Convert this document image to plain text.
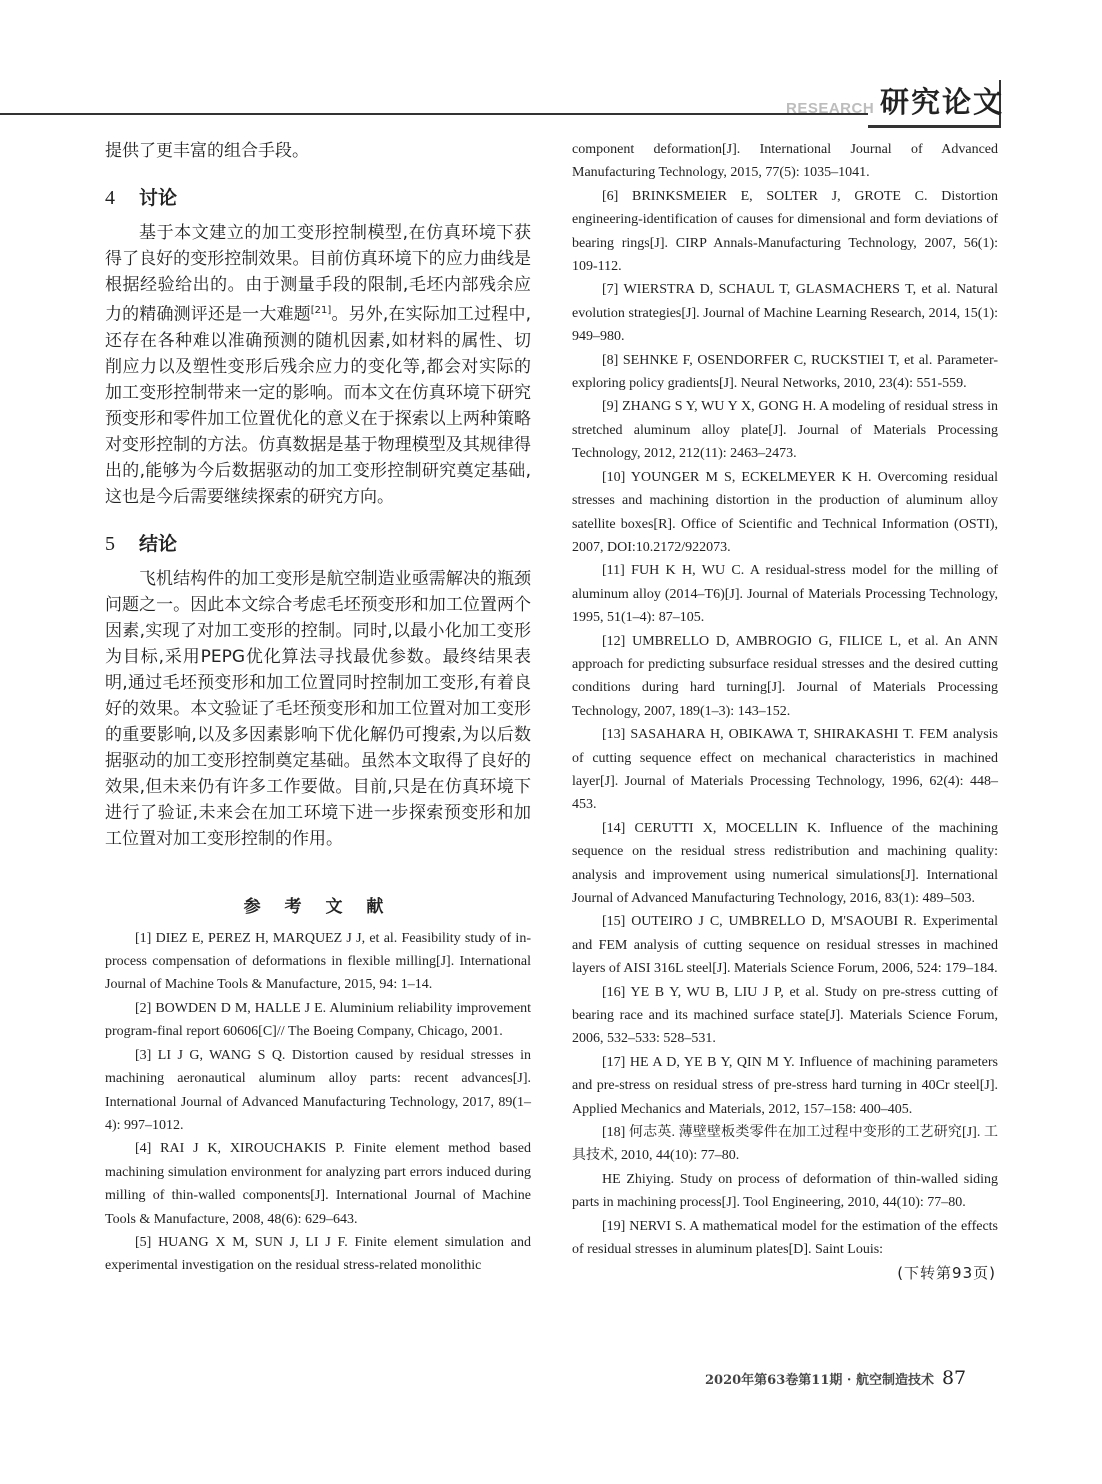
RESEARCH 研究论文

提供了更丰富的组合手段。

4 讨论

基于本文建立的加工变形控制模型,在仿真环境下获得了良好的变形控制效果。目前仿真环境下的应力曲线是根据经验给出的。由于测量手段的限制,毛坯内部残余应力的精确测评还是一大难题[21]。另外,在实际加工过程中,还存在各种难以准确预测的随机因素,如材料的属性、切削应力以及塑性变形后残余应力的变化等,都会对实际的加工变形控制带来一定的影响。而本文在仿真环境下研究预变形和零件加工位置优化的意义在于探索以上两种策略对变形控制的方法。仿真数据是基于物理模型及其规律得出的,能够为今后数据驱动的加工变形控制研究奠定基础,这也是今后需要继续探索的研究方向。

5 结论

飞机结构件的加工变形是航空制造业亟需解决的瓶颈问题之一。因此本文综合考虑毛坯预变形和加工位置两个因素,实现了对加工变形的控制。同时,以最小化加工变形为目标,采用PEPG优化算法寻找最优参数。最终结果表明,通过毛坯预变形和加工位置同时控制加工变形,有着良好的效果。本文验证了毛坯预变形和加工位置对加工变形的重要影响,以及多因素影响下优化解仍可搜索,为以后数据驱动的加工变形控制奠定基础。虽然本文取得了良好的效果,但未来仍有许多工作要做。目前,只是在仿真环境下进行了验证,未来会在加工环境下进一步探索预变形和加工位置对加工变形控制的作用。

参 考 文 献

[1] DIEZ E, PEREZ H, MARQUEZ J J, et al. Feasibility study of in-process compensation of deformations in flexible milling[J]. International Journal of Machine Tools & Manufacture, 2015, 94: 1–14.

[2] BOWDEN D M, HALLE J E. Aluminium reliability improvement program-final report 60606[C]// The Boeing Company, Chicago, 2001.

[3] LI J G, WANG S Q. Distortion caused by residual stresses in machining aeronautical aluminum alloy parts: recent advances[J]. International Journal of Advanced Manufacturing Technology, 2017, 89(1–4): 997–1012.

[4] RAI J K, XIROUCHAKIS P. Finite element method based machining simulation environment for analyzing part errors induced during milling of thin-walled components[J]. International Journal of Machine Tools & Manufacture, 2008, 48(6): 629–643.

[5] HUANG X M, SUN J, LI J F. Finite element simulation and experimental investigation on the residual stress-related monolithic

component deformation[J]. International Journal of Advanced Manufacturing Technology, 2015, 77(5): 1035–1041.

[6] BRINKSMEIER E, SOLTER J, GROTE C. Distortion engineering-identification of causes for dimensional and form deviations of bearing rings[J]. CIRP Annals-Manufacturing Technology, 2007, 56(1): 109-112.

[7] WIERSTRA D, SCHAUL T, GLASMACHERS T, et al. Natural evolution strategies[J]. Journal of Machine Learning Research, 2014, 15(1): 949–980.

[8] SEHNKE F, OSENDORFER C, RUCKSTIEI T, et al. Parameter-exploring policy gradients[J]. Neural Networks, 2010, 23(4): 551-559.

[9] ZHANG S Y, WU Y X, GONG H. A modeling of residual stress in stretched aluminum alloy plate[J]. Journal of Materials Processing Technology, 2012, 212(11): 2463–2473.

[10] YOUNGER M S, ECKELMEYER K H. Overcoming residual stresses and machining distortion in the production of aluminum alloy satellite boxes[R]. Office of Scientific and Technical Information (OSTI), 2007, DOI:10.2172/922073.

[11] FUH K H, WU C. A residual-stress model for the milling of aluminum alloy (2014–T6)[J]. Journal of Materials Processing Technology, 1995, 51(1–4): 87–105.

[12] UMBRELLO D, AMBROGIO G, FILICE L, et al. An ANN approach for predicting subsurface residual stresses and the desired cutting conditions during hard turning[J]. Journal of Materials Processing Technology, 2007, 189(1–3): 143–152.

[13] SASAHARA H, OBIKAWA T, SHIRAKASHI T. FEM analysis of cutting sequence effect on mechanical characteristics in machined layer[J]. Journal of Materials Processing Technology, 1996, 62(4): 448–453.

[14] CERUTTI X, MOCELLIN K. Influence of the machining sequence on the residual stress redistribution and machining quality: analysis and improvement using numerical simulations[J]. International Journal of Advanced Manufacturing Technology, 2016, 83(1): 489–503.

[15] OUTEIRO J C, UMBRELLO D, M'SAOUBI R. Experimental and FEM analysis of cutting sequence on residual stresses in machined layers of AISI 316L steel[J]. Materials Science Forum, 2006, 524: 179–184.

[16] YE B Y, WU B, LIU J P, et al. Study on pre-stress cutting of bearing race and its machined surface state[J]. Materials Science Forum, 2006, 532–533: 528–531.

[17] HE A D, YE B Y, QIN M Y. Influence of machining parameters and pre-stress on residual stress of pre-stress hard turning in 40Cr steel[J]. Applied Mechanics and Materials, 2012, 157–158: 400–405.

[18] 何志英. 薄壁壁板类零件在加工过程中变形的工艺研究[J]. 工具技术, 2010, 44(10): 77–80.

HE Zhiying. Study on process of deformation of thin-walled siding parts in machining process[J]. Tool Engineering, 2010, 44(10): 77–80.

[19] NERVI S. A mathematical model for the estimation of the effects of residual stresses in aluminum plates[D]. Saint Louis:

(下转第93页)
2020年第63卷第11期 · 航空制造技术 87
